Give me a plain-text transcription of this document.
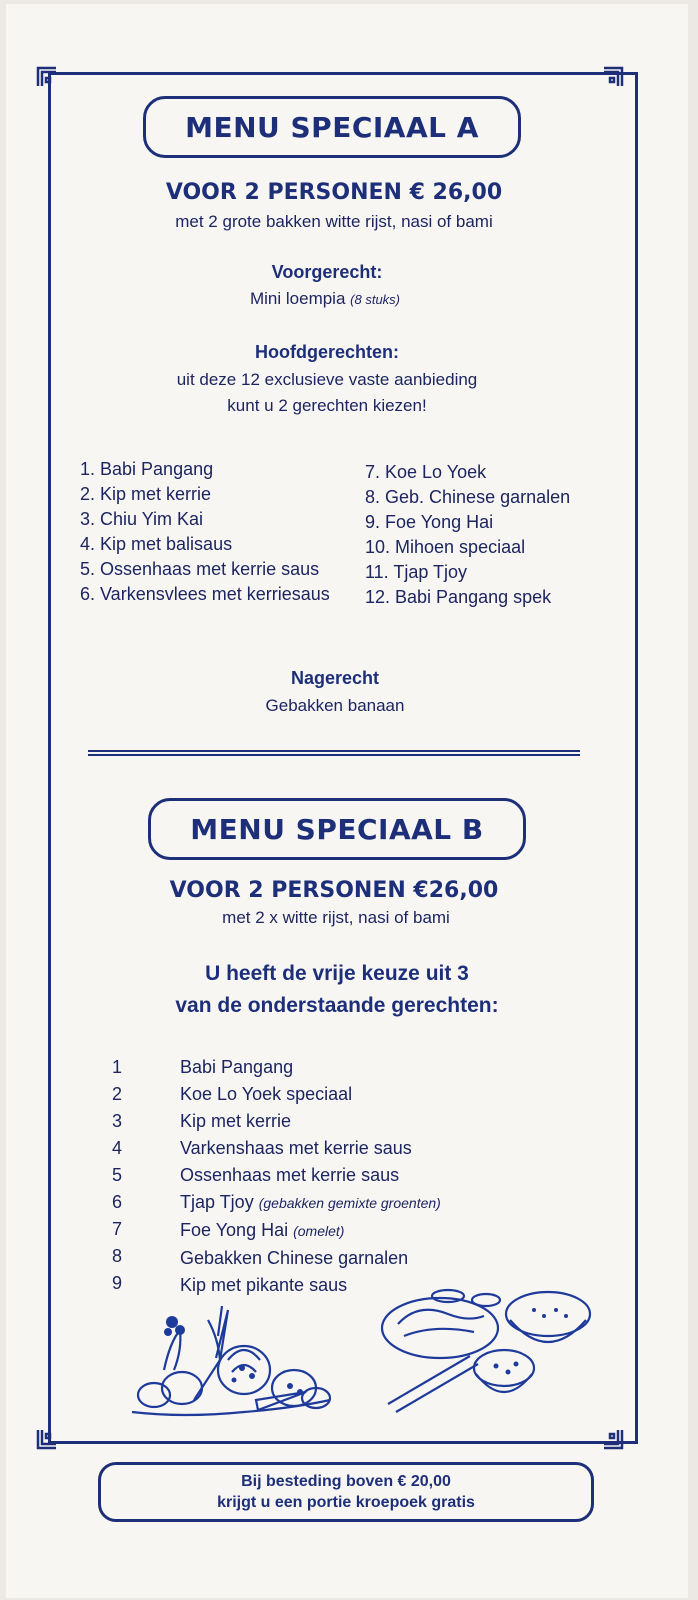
MENU SPECIAAL A
VOOR 2 PERSONEN € 26,00
met 2 grote bakken witte rijst, nasi of bami
Voorgerecht:
Mini loempia (8 stuks)
Hoofdgerechten:
uit deze 12 exclusieve vaste aanbieding
kunt u 2 gerechten kiezen!
1. Babi Pangang
2. Kip met kerrie
3. Chiu Yim Kai
4. Kip met balisaus
5. Ossenhaas met kerrie saus
6. Varkensvlees met kerriesaus
7. Koe Lo Yoek
8. Geb. Chinese garnalen
9. Foe Yong Hai
10. Mihoen speciaal
11. Tjap Tjoy
12. Babi Pangang spek
Nagerecht
Gebakken banaan
MENU SPECIAAL B
VOOR 2 PERSONEN €26,00
met 2 x witte rijst, nasi of bami
U heeft de vrije keuze uit 3
van de onderstaande gerechten:
1
2
3
4
5
6
7
8
9
Babi Pangang
Koe Lo Yoek speciaal
Kip met kerrie
Varkenshaas met kerrie saus
Ossenhaas met kerrie saus
Tjap Tjoy (gebakken gemixte groenten)
Foe Yong Hai (omelet)
Gebakken Chinese garnalen
Kip met pikante saus
Bij besteding boven € 20,00
krijgt u een portie kroepoek gratis
